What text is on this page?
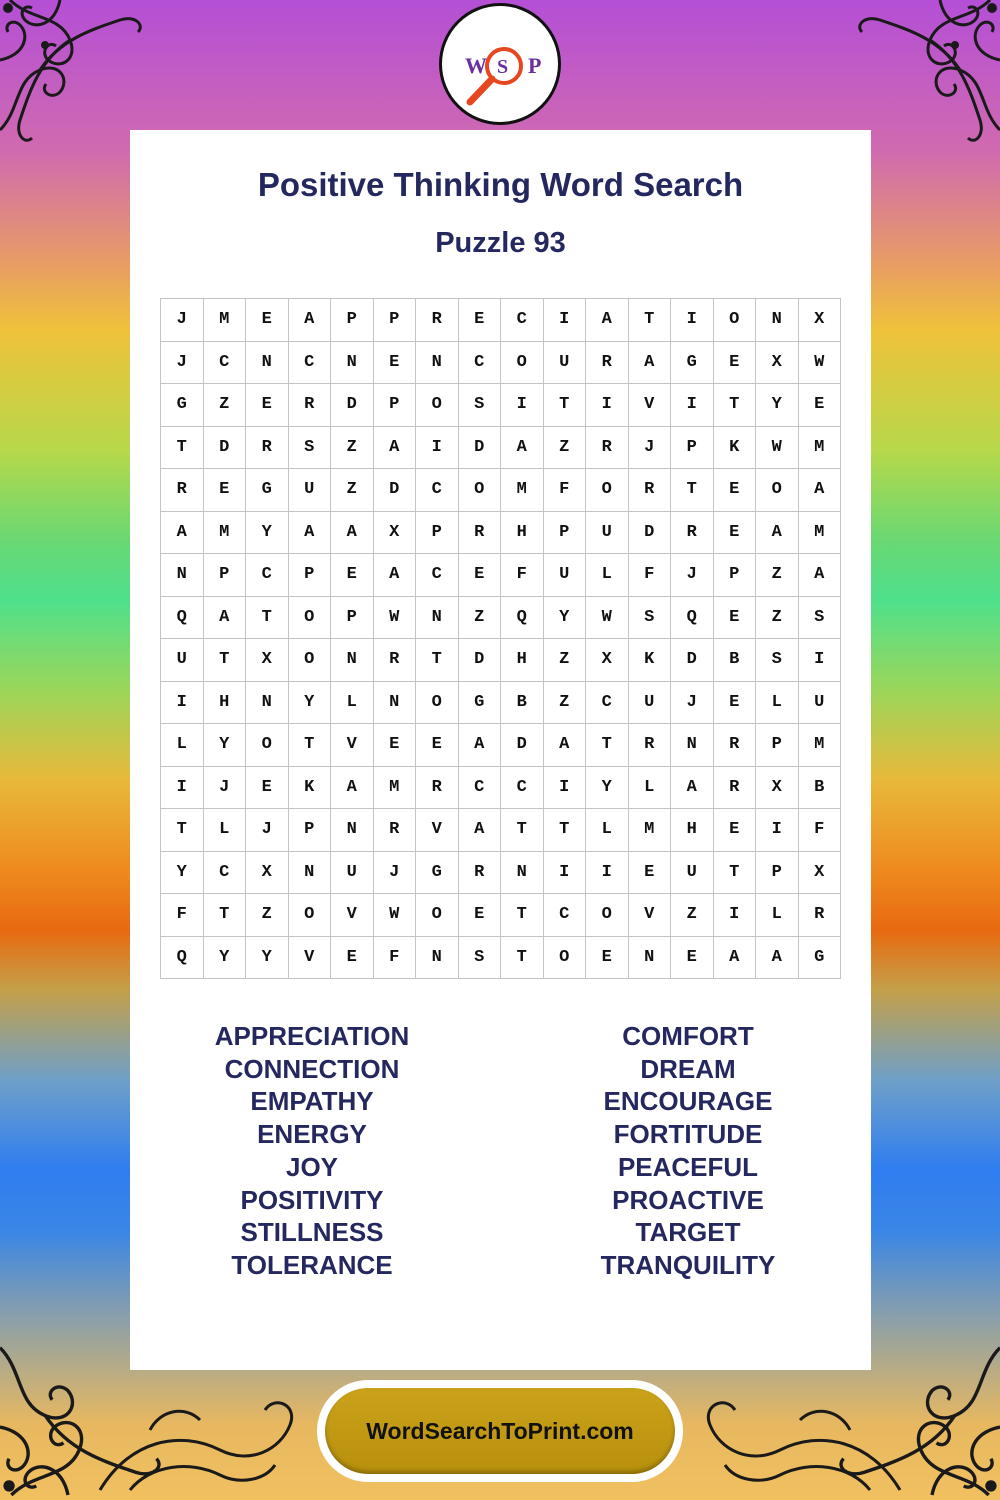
W S P
Positive Thinking Word Search
Puzzle 93
J	M	E	A	P	P	R	E	C	I	A	T	I	O	N	X
J	C	N	C	N	E	N	C	O	U	R	A	G	E	X	W
G	Z	E	R	D	P	O	S	I	T	I	V	I	T	Y	E
T	D	R	S	Z	A	I	D	A	Z	R	J	P	K	W	M
R	E	G	U	Z	D	C	O	M	F	O	R	T	E	O	A
A	M	Y	A	A	X	P	R	H	P	U	D	R	E	A	M
N	P	C	P	E	A	C	E	F	U	L	F	J	P	Z	A
Q	A	T	O	P	W	N	Z	Q	Y	W	S	Q	E	Z	S
U	T	X	O	N	R	T	D	H	Z	X	K	D	B	S	I
I	H	N	Y	L	N	O	G	B	Z	C	U	J	E	L	U
L	Y	O	T	V	E	E	A	D	A	T	R	N	R	P	M
I	J	E	K	A	M	R	C	C	I	Y	L	A	R	X	B
T	L	J	P	N	R	V	A	T	T	L	M	H	E	I	F
Y	C	X	N	U	J	G	R	N	I	I	E	U	T	P	X
F	T	Z	O	V	W	O	E	T	C	O	V	Z	I	L	R
Q	Y	Y	V	E	F	N	S	T	O	E	N	E	A	A	G
APPRECIATION
CONNECTION
EMPATHY
ENERGY
JOY
POSITIVITY
STILLNESS
TOLERANCE
COMFORT
DREAM
ENCOURAGE
FORTITUDE
PEACEFUL
PROACTIVE
TARGET
TRANQUILITY
WordSearchToPrint.com
